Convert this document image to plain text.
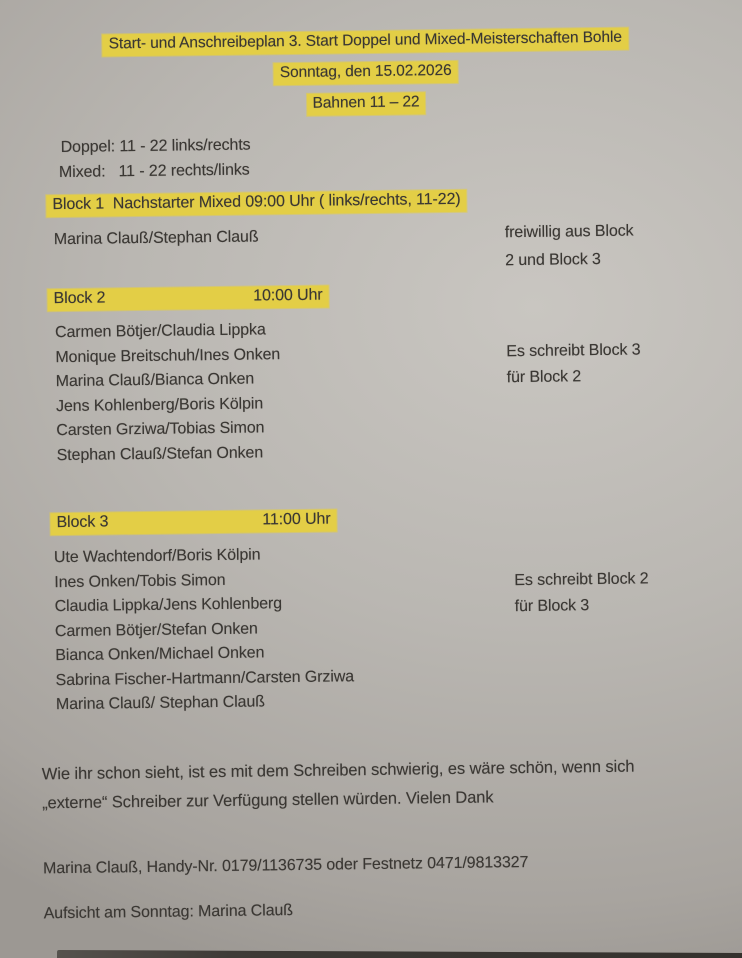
Start- und Anschreibeplan 3. Start Doppel und Mixed-Meisterschaften Bohle
Sonntag, den 15.02.2026
Bahnen 11 – 22
Doppel: 11 - 22 links/rechts
Mixed:   11 - 22 rechts/links
Block 1  Nachstarter Mixed 09:00 Uhr ( links/rechts, 11-22)
Marina Clauß/Stephan Clauß	freiwillig aus Block
2 und Block 3
Block 2	10:00 Uhr
Carmen Bötjer/Claudia Lippka
Monique Breitschuh/Ines Onken
Marina Clauß/Bianca Onken
Jens Kohlenberg/Boris Kölpin
Carsten Grziwa/Tobias Simon
Stephan Clauß/Stefan Onken
Es schreibt Block 3
für Block 2
Block 3	11:00 Uhr
Ute Wachtendorf/Boris Kölpin
Ines Onken/Tobis Simon
Claudia Lippka/Jens Kohlenberg
Carmen Bötjer/Stefan Onken
Bianca Onken/Michael Onken
Sabrina Fischer-Hartmann/Carsten Grziwa
Marina Clauß/ Stephan Clauß
Es schreibt Block 2
für Block 3
Wie ihr schon sieht, ist es mit dem Schreiben schwierig, es wäre schön, wenn sich
„externe“ Schreiber zur Verfügung stellen würden. Vielen Dank
Marina Clauß, Handy-Nr. 0179/1136735 oder Festnetz 0471/9813327
Aufsicht am Sonntag: Marina Clauß
